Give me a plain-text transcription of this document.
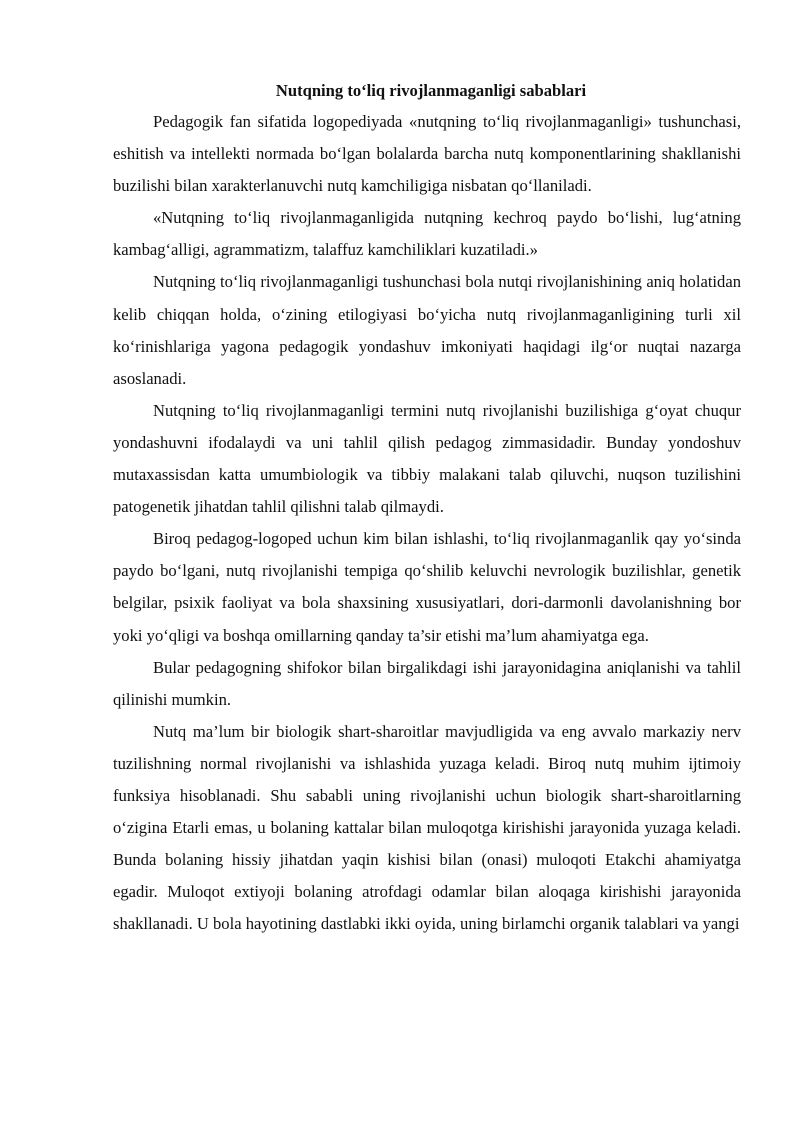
Nutqning to‘liq rivojlanmaganligi sabablari

Pedagogik fan sifatida logopediyada «nutqning to‘liq rivojlanmaganligi» tushunchasi, eshitish va intellekti normada bo‘lgan bolalarda barcha nutq komponentlarining shakllanishi buzilishi bilan xarakterlanuvchi nutq kamchiligiga nisbatan qo‘llaniladi.

«Nutqning to‘liq rivojlanmaganligida nutqning kechroq paydo bo‘lishi, lug‘atning kambag‘alligi, agrammatizm, talaffuz kamchiliklari kuzatiladi.»

Nutqning to‘liq rivojlanmaganligi tushunchasi bola nutqi rivojlanishining aniq holatidan kelib chiqqan holda, o‘zining etilogiyasi bo‘yicha nutq rivojlanmaganligining turli xil ko‘rinishlariga yagona pedagogik yondashuv imkoniyati haqidagi ilg‘or nuqtai nazarga asoslanadi.

Nutqning to‘liq rivojlanmaganligi termini nutq rivojlanishi buzilishiga g‘oyat chuqur yondashuvni ifodalaydi va uni tahlil qilish pedagog zimmasidadir. Bunday yondoshuv mutaxassisdan katta umumbiologik va tibbiy malakani talab qiluvchi, nuqson tuzilishini patogenetik jihatdan tahlil qilishni talab qilmaydi.

Biroq pedagog-logoped uchun kim bilan ishlashi, to‘liq rivojlanmaganlik qay yo‘sinda paydo bo‘lgani, nutq rivojlanishi tempiga qo‘shilib keluvchi nevrologik buzilishlar, genetik belgilar, psixik faoliyat va bola shaxsining xususiyatlari, dori-darmonli davolanishning bor yoki yo‘qligi va boshqa omillarning qanday ta’sir etishi ma’lum ahamiyatga ega.

Bular pedagogning shifokor bilan birgalikdagi ishi jarayonidagina aniqlanishi va tahlil qilinishi mumkin.

Nutq ma’lum bir biologik shart-sharoitlar mavjudligida va eng avvalo markaziy nerv tuzilishning normal rivojlanishi va ishlashida yuzaga keladi. Biroq nutq muhim ijtimoiy funksiya hisoblanadi. Shu sababli uning rivojlanishi uchun biologik shart-sharoitlarning o‘zigina Etarli emas, u bolaning kattalar bilan muloqotga kirishishi jarayonida yuzaga keladi. Bunda bolaning hissiy jihatdan yaqin kishisi bilan (onasi) muloqoti Etakchi ahamiyatga egadir. Muloqot extiyoji bolaning atrofdagi odamlar bilan aloqaga kirishishi jarayonida shakllanadi. U bola hayotining dastlabki ikki oyida, uning birlamchi organik talablari va yangi
